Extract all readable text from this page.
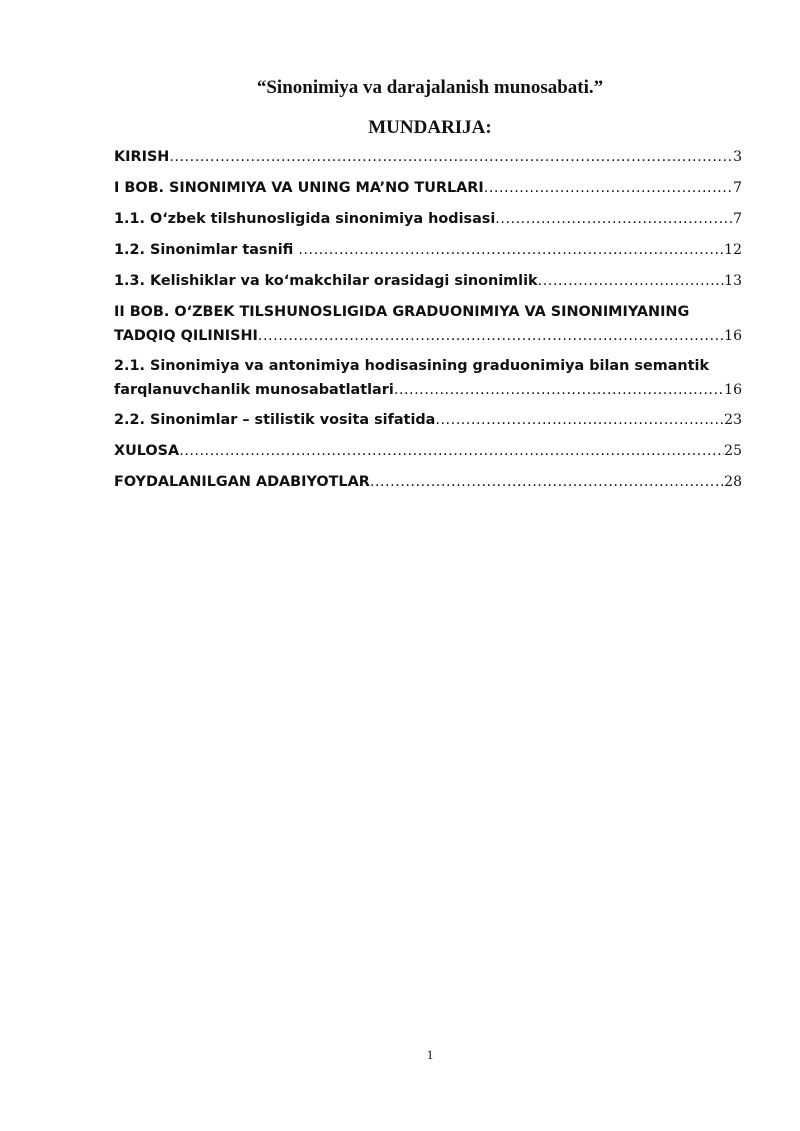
“Sinonimiya va darajalanish munosabati.”
MUNDARIJA:
KIRISH .....	3
I BOB. SINONIMIYA VA UNING MA’NO TURLARI .....	7
1.1. O‘zbek tilshunosligida sinonimiya hodisasi .....	7
1.2. Sinonimlar tasnifi .....	12
1.3. Kelishiklar va ko‘makchilar orasidagi sinonimlik .....	13
II BOB. O‘ZBEK TILSHUNOSLIGIDA GRADUONIMIYA VA SINONIMIYANING
TADQIQ QILINISHI .....	16
2.1. Sinonimiya va antonimiya hodisasining graduonimiya bilan semantik
farqlanuvchanlik munosabatlatlari .....	16
2.2. Sinonimlar – stilistik vosita sifatida .....	23
XULOSA .....	25
FOYDALANILGAN ADABIYOTLAR .....	28
1
